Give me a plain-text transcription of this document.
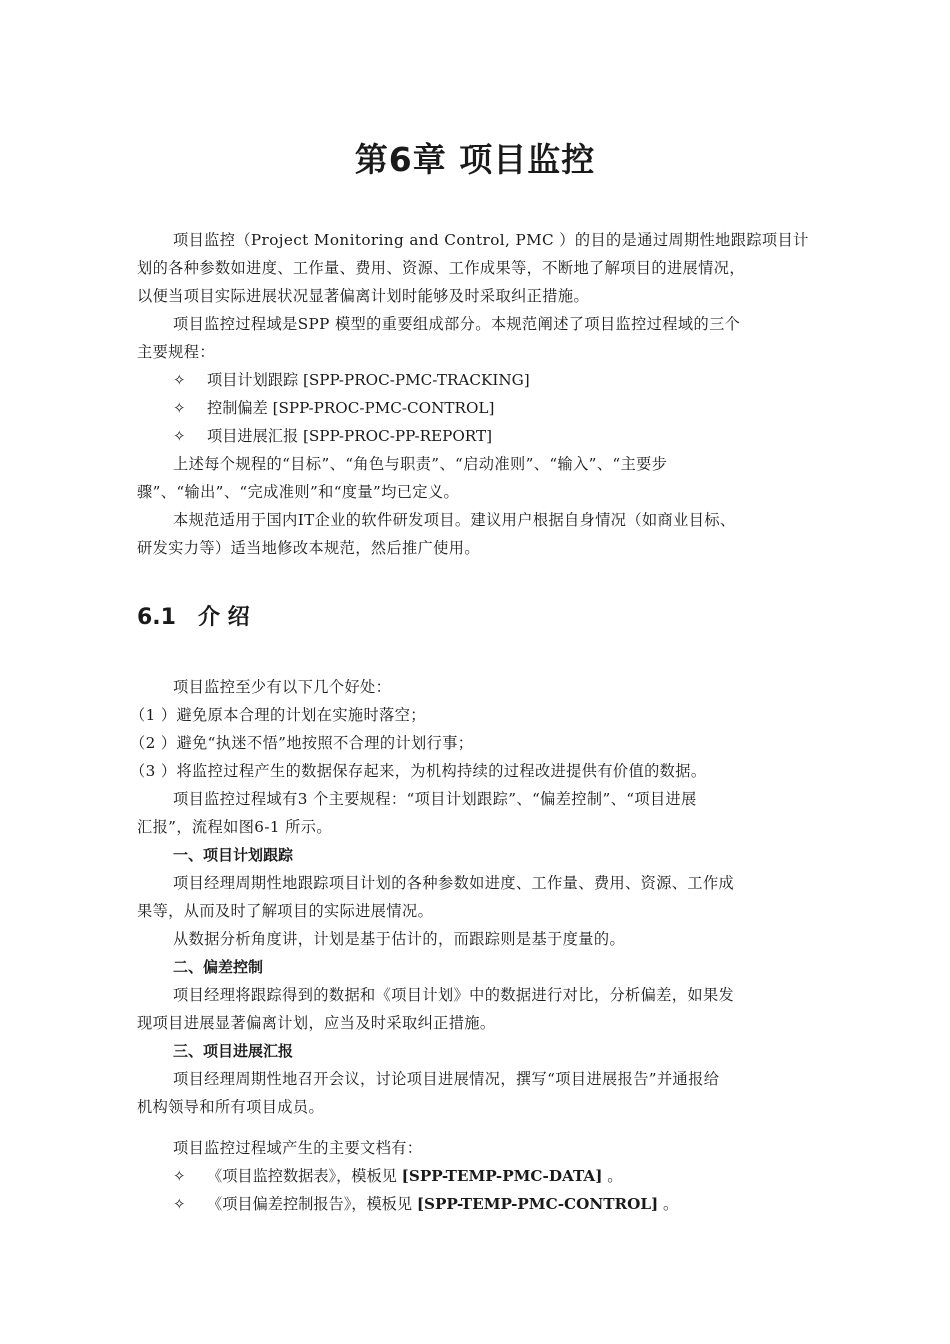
第6章 项目监控
项目监控（Project Monitoring and Control, PMC ）的目的是通过周期性地跟踪项目计
划的各种参数如进度、工作量、费用、资源、工作成果等，不断地了解项目的进展情况，
以便当项目实际进展状况显著偏离计划时能够及时采取纠正措施。
项目监控过程域是SPP 模型的重要组成部分。本规范阐述了项目监控过程域的三个
主要规程：
✧ 项目计划跟踪 [SPP-PROC-PMC-TRACKING]
✧ 控制偏差 [SPP-PROC-PMC-CONTROL]
✧ 项目进展汇报 [SPP-PROC-PP-REPORT]
上述每个规程的“目标”、“角色与职责”、“启动准则”、“输入”、“主要步
骤”、“输出”、“完成准则”和“度量”均已定义。
本规范适用于国内IT企业的软件研发项目。建议用户根据自身情况（如商业目标、
研发实力等）适当地修改本规范，然后推广使用。
6.1 介 绍
项目监控至少有以下几个好处：
（1 ）避免原本合理的计划在实施时落空；
（2 ）避免“执迷不悟”地按照不合理的计划行事；
（3 ）将监控过程产生的数据保存起来，为机构持续的过程改进提供有价值的数据。
项目监控过程域有3 个主要规程：“项目计划跟踪”、“偏差控制”、“项目进展
汇报”，流程如图6-1 所示。
一、项目计划跟踪
项目经理周期性地跟踪项目计划的各种参数如进度、工作量、费用、资源、工作成
果等，从而及时了解项目的实际进展情况。
从数据分析角度讲，计划是基于估计的，而跟踪则是基于度量的。
二、偏差控制
项目经理将跟踪得到的数据和《项目计划》中的数据进行对比，分析偏差，如果发
现项目进展显著偏离计划，应当及时采取纠正措施。
三、项目进展汇报
项目经理周期性地召开会议，讨论项目进展情况，撰写“项目进展报告”并通报给
机构领导和所有项目成员。
项目监控过程域产生的主要文档有：
✧ 《项目监控数据表》，模板见 [SPP-TEMP-PMC-DATA] 。
✧ 《项目偏差控制报告》，模板见 [SPP-TEMP-PMC-CONTROL] 。
